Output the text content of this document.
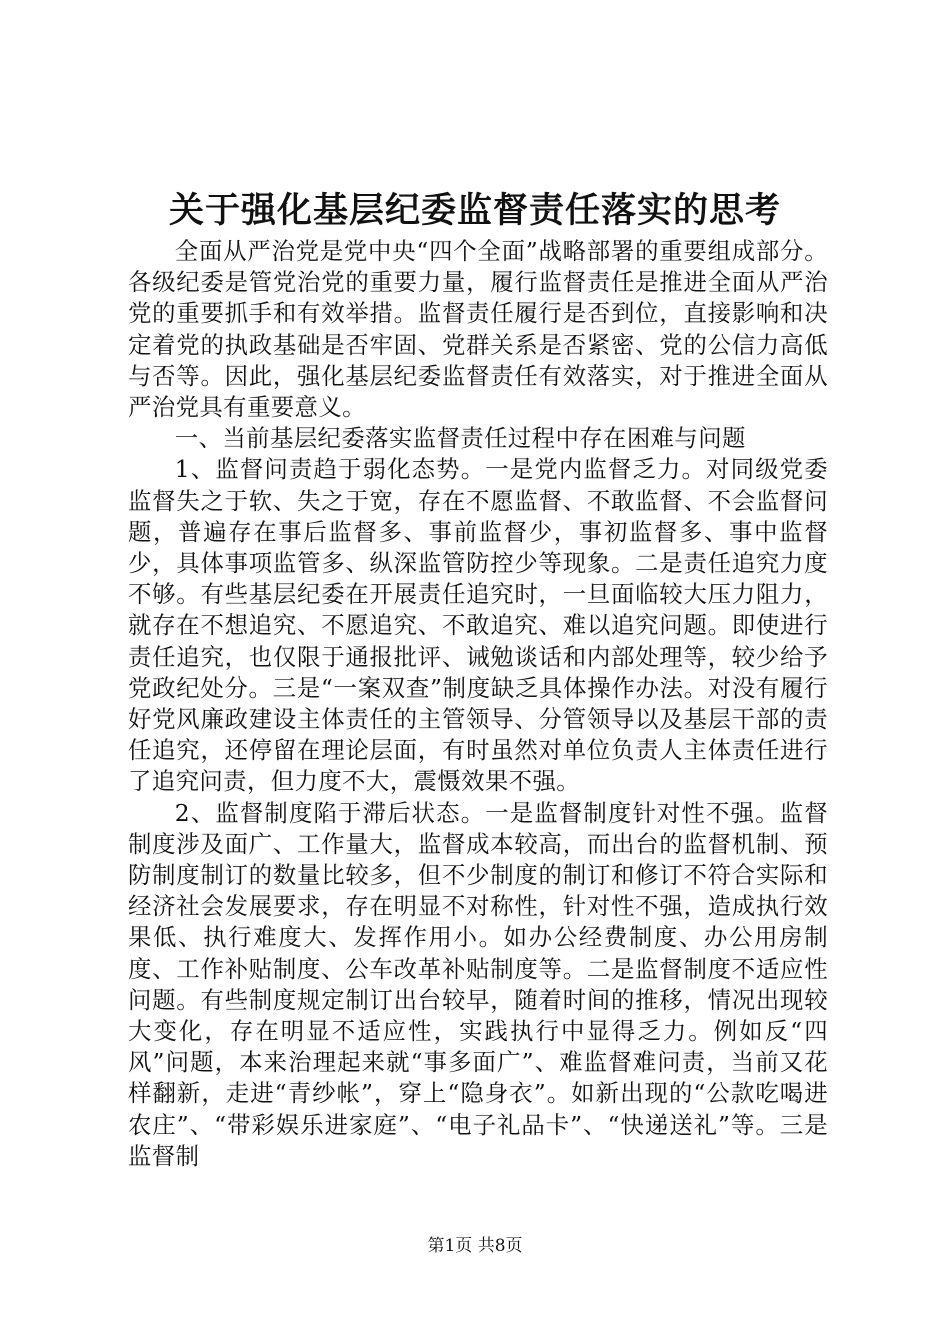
关于强化基层纪委监督责任落实的思考

全面从严治党是党中央“四个全面”战略部署的重要组成部分。各级纪委是管党治党的重要力量，履行监督责任是推进全面从严治党的重要抓手和有效举措。监督责任履行是否到位，直接影响和决定着党的执政基础是否牢固、党群关系是否紧密、党的公信力高低与否等。因此，强化基层纪委监督责任有效落实，对于推进全面从严治党具有重要意义。

一、当前基层纪委落实监督责任过程中存在困难与问题

1、监督问责趋于弱化态势。一是党内监督乏力。对同级党委监督失之于软、失之于宽，存在不愿监督、不敢监督、不会监督问题，普遍存在事后监督多、事前监督少，事初监督多、事中监督少，具体事项监管多、纵深监管防控少等现象。二是责任追究力度不够。有些基层纪委在开展责任追究时，一旦面临较大压力阻力，就存在不想追究、不愿追究、不敢追究、难以追究问题。即使进行责任追究，也仅限于通报批评、诫勉谈话和内部处理等，较少给予党政纪处分。三是“一案双查”制度缺乏具体操作办法。对没有履行好党风廉政建设主体责任的主管领导、分管领导以及基层干部的责任追究，还停留在理论层面，有时虽然对单位负责人主体责任进行了追究问责，但力度不大，震慑效果不强。

2、监督制度陷于滞后状态。一是监督制度针对性不强。监督制度涉及面广、工作量大，监督成本较高，而出台的监督机制、预防制度制订的数量比较多，但不少制度的制订和修订不符合实际和经济社会发展要求，存在明显不对称性，针对性不强，造成执行效果低、执行难度大、发挥作用小。如办公经费制度、办公用房制度、工作补贴制度、公车改革补贴制度等。二是监督制度不适应性问题。有些制度规定制订出台较早，随着时间的推移，情况出现较大变化，存在明显不适应性，实践执行中显得乏力。例如反“四风”问题，本来治理起来就“事多面广”、难监督难问责，当前又花样翻新，走进“青纱帐”，穿上“隐身衣”。如新出现的“公款吃喝进农庄”、“带彩娱乐进家庭”、“电子礼品卡”、“快递送礼”等。三是监督制

第1页 共8页
